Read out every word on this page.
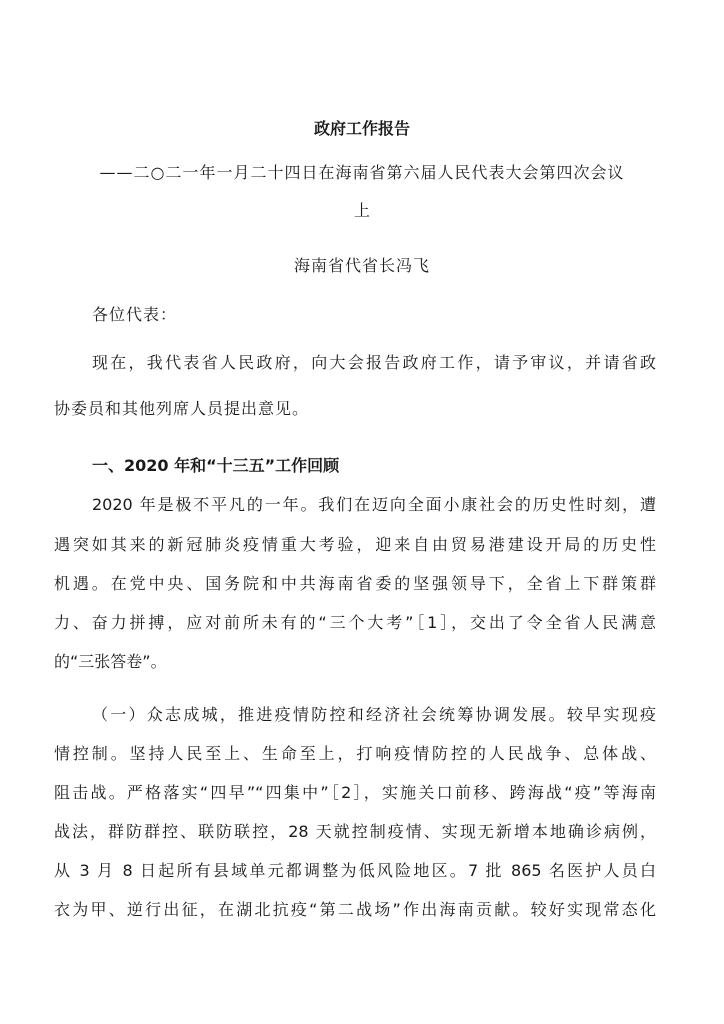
政府工作报告

——二○二一年一月二十四日在海南省第六届人民代表大会第四次会议

上

海南省代省长冯飞

各位代表：

现在，我代表省人民政府，向大会报告政府工作，请予审议，并请省政

协委员和其他列席人员提出意见。

一、2020 年和“十三五”工作回顾

2020 年是极不平凡的一年。我们在迈向全面小康社会的历史性时刻，遭

遇突如其来的新冠肺炎疫情重大考验，迎来自由贸易港建设开局的历史性

机遇。在党中央、国务院和中共海南省委的坚强领导下，全省上下群策群

力、奋力拼搏，应对前所未有的“三个大考”［1］，交出了令全省人民满意

的“三张答卷”。

（一）众志成城，推进疫情防控和经济社会统筹协调发展。较早实现疫

情控制。坚持人民至上、生命至上，打响疫情防控的人民战争、总体战、

阻击战。严格落实“四早”“四集中”［2］，实施关口前移、跨海战“疫”等海南

战法，群防群控、联防联控，28 天就控制疫情、实现无新增本地确诊病例，

从 3 月 8 日起所有县域单元都调整为低风险地区。7 批 865 名医护人员白

衣为甲、逆行出征，在湖北抗疫“第二战场”作出海南贡献。较好实现常态化
